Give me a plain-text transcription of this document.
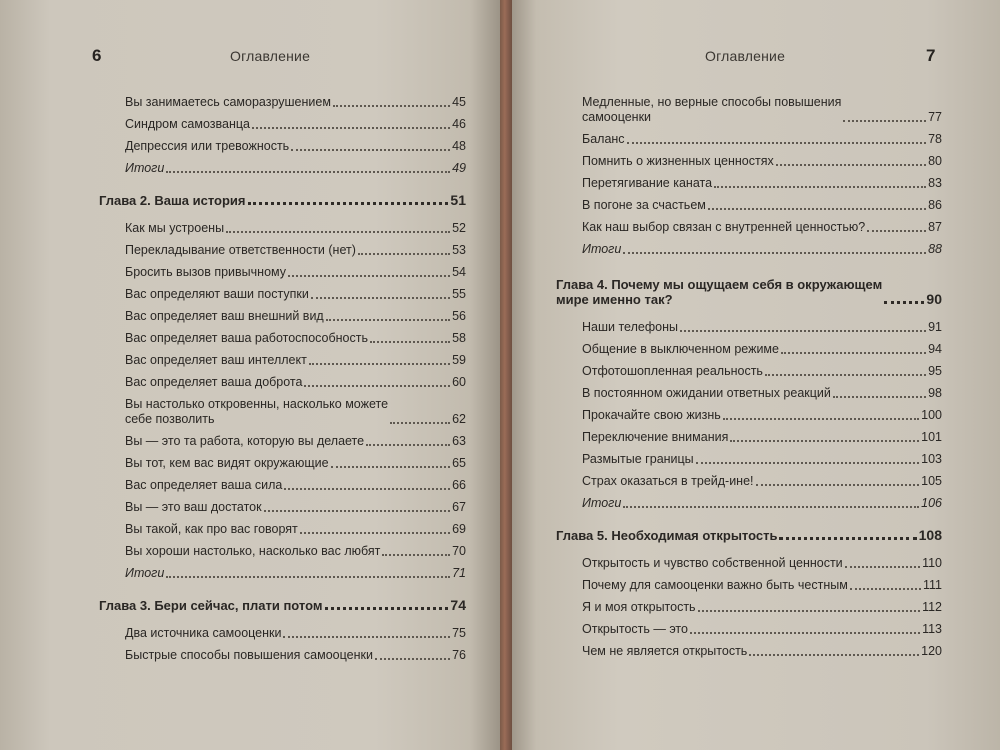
6	Оглавление
Вы занимаетесь саморазрушением	45
Синдром самозванца	46
Депрессия или тревожность	48
Итоги	49
Глава 2. Ваша история	51
Как мы устроены	52
Перекладывание ответственности (нет)	53
Бросить вызов привычному	54
Вас определяют ваши поступки	55
Вас определяет ваш внешний вид	56
Вас определяет ваша работоспособность	58
Вас определяет ваш интеллект	59
Вас определяет ваша доброта	60
Вы настолько откровенны, насколько можете
себе позволить	62
Вы — это та работа, которую вы делаете	63
Вы тот, кем вас видят окружающие	65
Вас определяет ваша сила	66
Вы — это ваш достаток	67
Вы такой, как про вас говорят	69
Вы хороши настолько, насколько вас любят	70
Итоги	71
Глава 3. Бери сейчас, плати потом	74
Два источника самооценки	75
Быстрые способы повышения самооценки	76
7
Оглавление
Медленные, но верные способы повышения
самооценки	77
Баланс	78
Помнить о жизненных ценностях	80
Перетягивание каната	83
В погоне за счастьем	86
Как наш выбор связан с внутренней ценностью?	87
Итоги	88
Глава 4. Почему мы ощущаем себя в окружающем
мире именно так?	90
Наши телефоны	91
Общение в выключенном режиме	94
Отфотошопленная реальность	95
В постоянном ожидании ответных реакций	98
Прокачайте свою жизнь	100
Переключение внимания	101
Размытые границы	103
Страх оказаться в трейд-ине!	105
Итоги	106
Глава 5. Необходимая открытость	108
Открытость и чувство собственной ценности	110
Почему для самооценки важно быть честным	111
Я и моя открытость	112
Открытость — это	113
Чем не является открытость	120
